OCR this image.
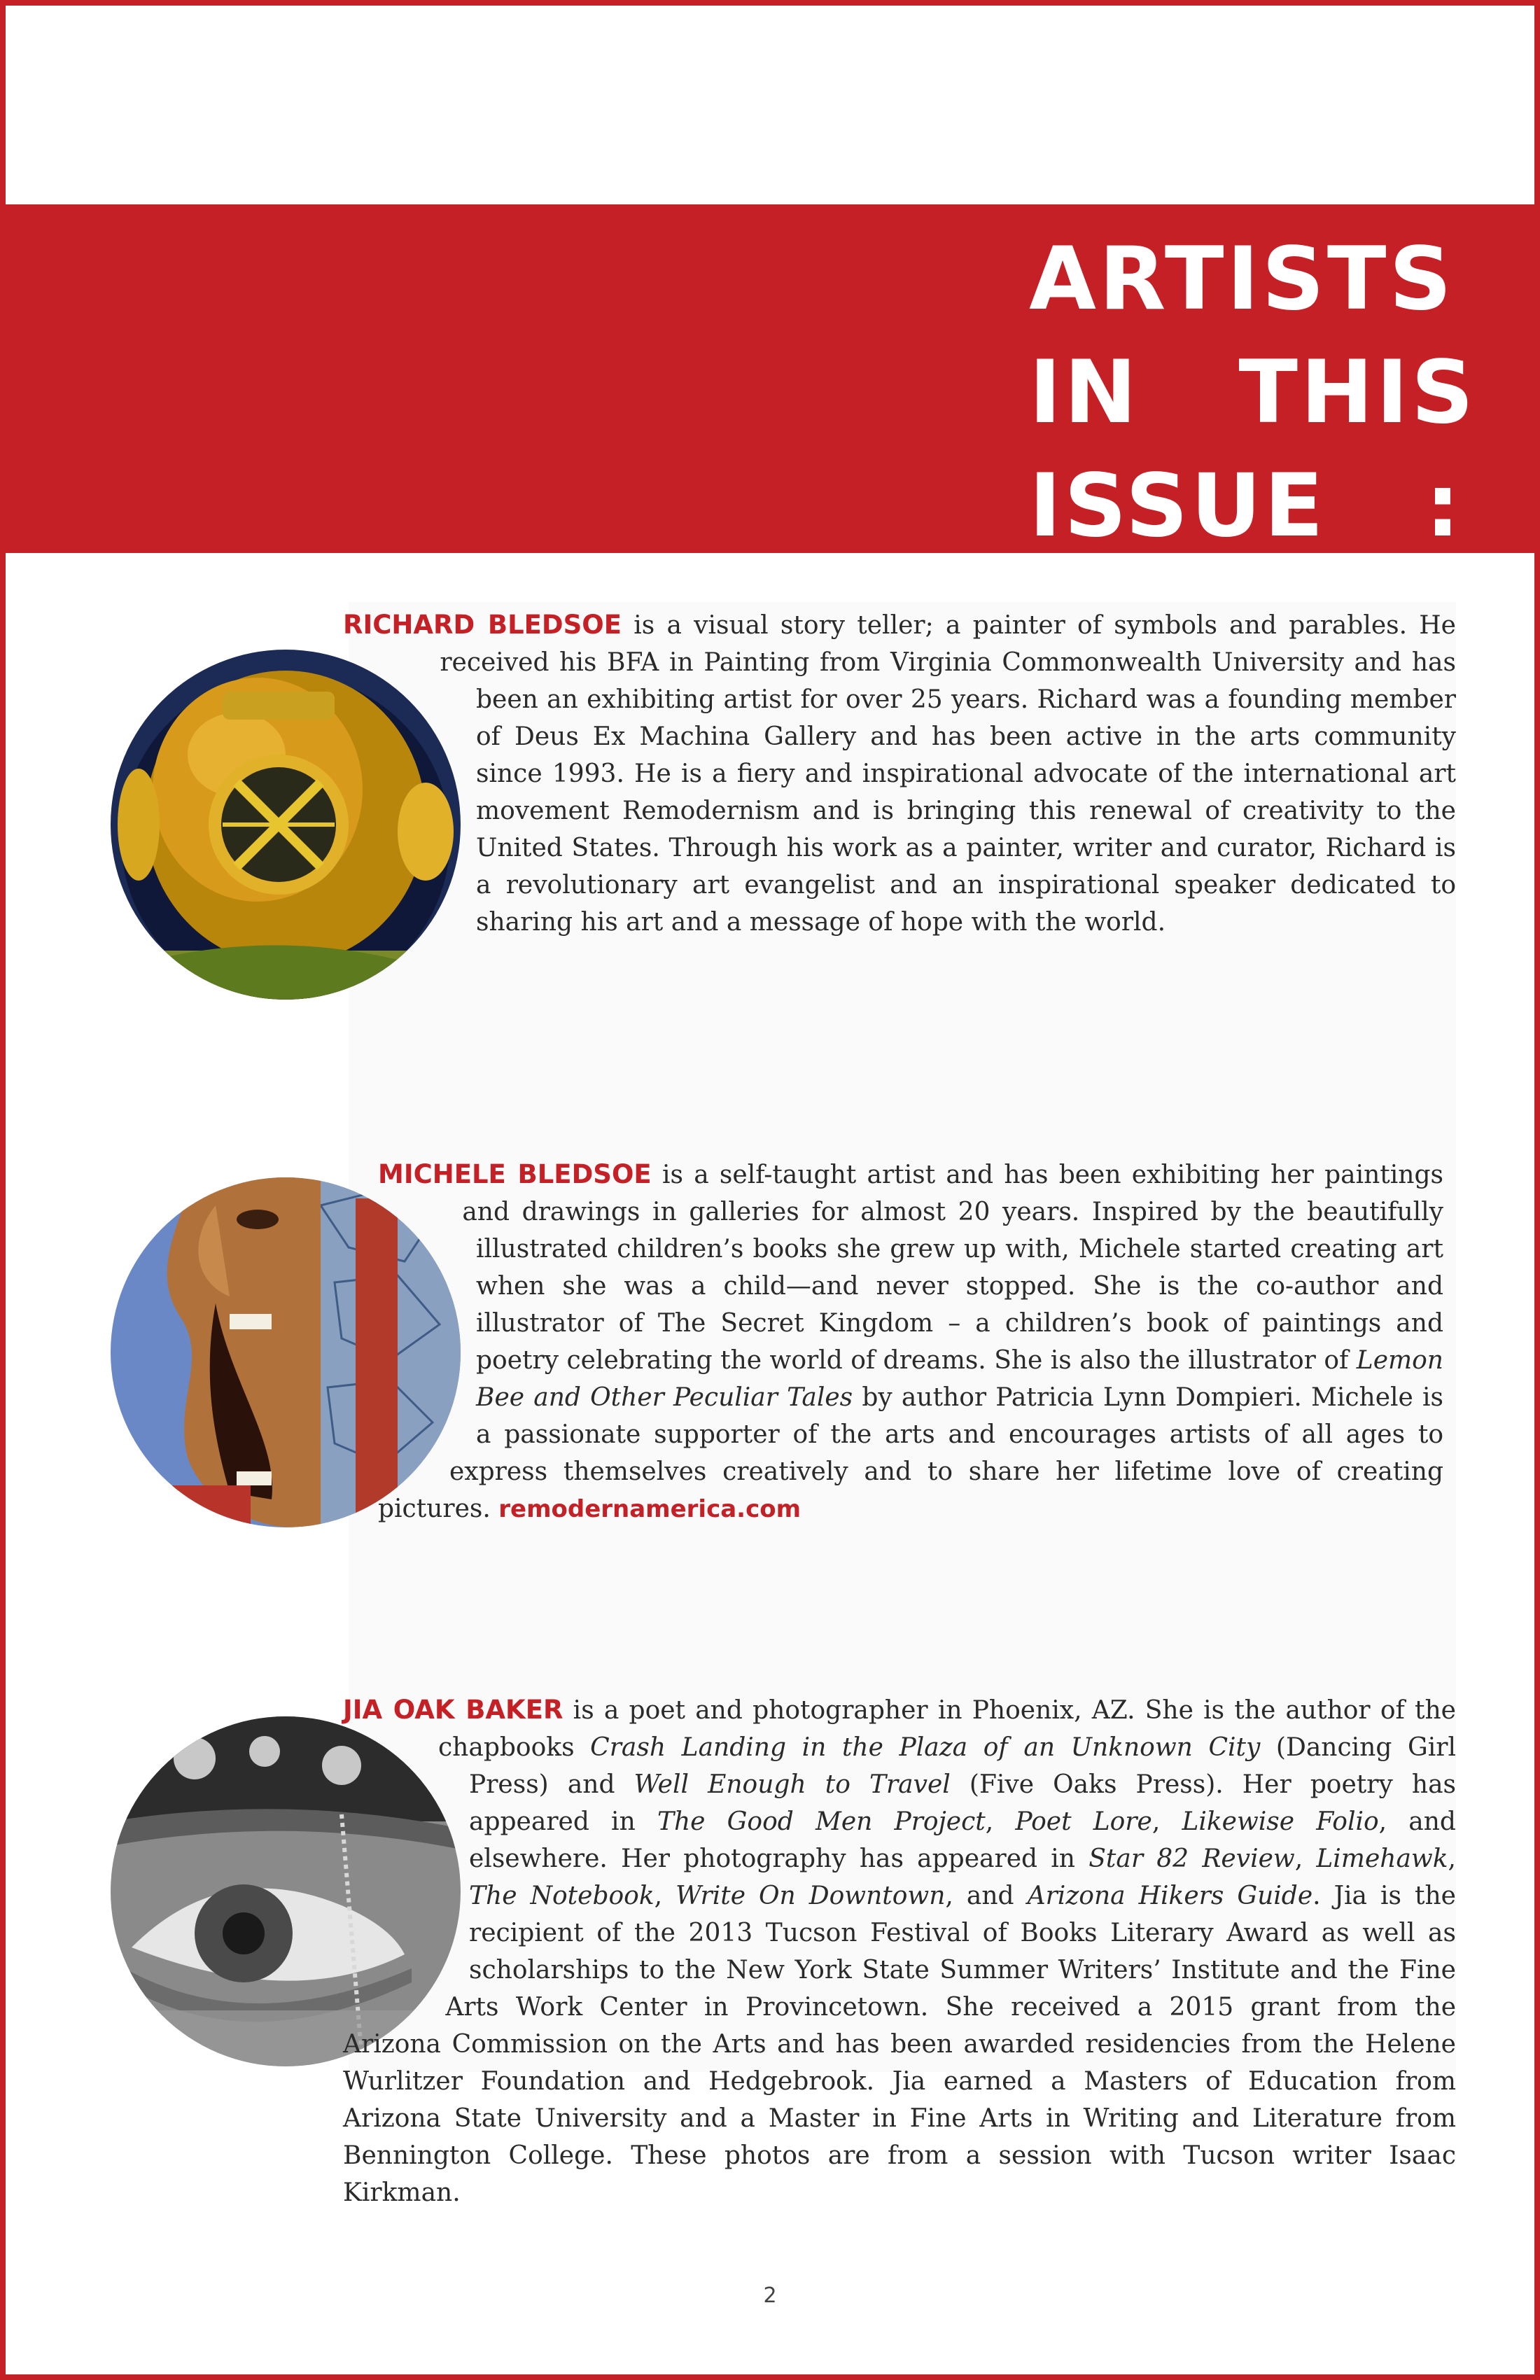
ARTISTS
IN   THIS
ISSUE   :
RICHARD BLEDSOE is a visual story teller; a painter of symbols and parables. He received his BFA in Painting from Virginia Commonwealth University and has been an exhibiting artist for over 25 years. Richard was a founding member of Deus Ex Machina Gallery and has been active in the arts community since 1993. He is a fiery and inspirational advocate of the international art movement Remodernism and is bringing this renewal of creativity to the United States. Through his work as a painter, writer and curator, Richard is a revolutionary art evangelist and an inspirational speaker dedicated to sharing his art and a message of hope with the world.
MICHELE BLEDSOE is a self-taught artist and has been exhibiting her paintings and drawings in galleries for almost 20 years. Inspired by the beautifully illustrated children’s books she grew up with, Michele started creating art when she was a child—and never stopped. She is the co-author and illustrator of The Secret Kingdom – a children’s book of paintings and poetry celebrating the world of dreams. She is also the illustrator of Lemon Bee and Other Peculiar Tales by author Patricia Lynn Dompieri. Michele is a passionate supporter of the arts and encourages artists of all ages to express themselves creatively and to share her lifetime love of creating pictures. remodernamerica.com
JIA OAK BAKER is a poet and photographer in Phoenix, AZ. She is the author of the chapbooks Crash Landing in the Plaza of an Unknown City (Dancing Girl Press) and Well Enough to Travel (Five Oaks Press). Her poetry has appeared in The Good Men Project, Poet Lore, Likewise Folio, and elsewhere. Her photography has appeared in Star 82 Review, Limehawk, The Notebook, Write On Downtown, and Arizona Hikers Guide. Jia is the recipient of the 2013 Tucson Festival of Books Literary Award as well as scholarships to the New York State Summer Writers’ Institute and the Fine Arts Work Center in Provincetown. She received a 2015 grant from the Arizona Commission on the Arts and has been awarded residencies from the Helene Wurlitzer Foundation and Hedgebrook. Jia earned a Masters of Education from Arizona State University and a Master in Fine Arts in Writing and Literature from Bennington College. These photos are from a session with Tucson writer Isaac Kirkman.
2
